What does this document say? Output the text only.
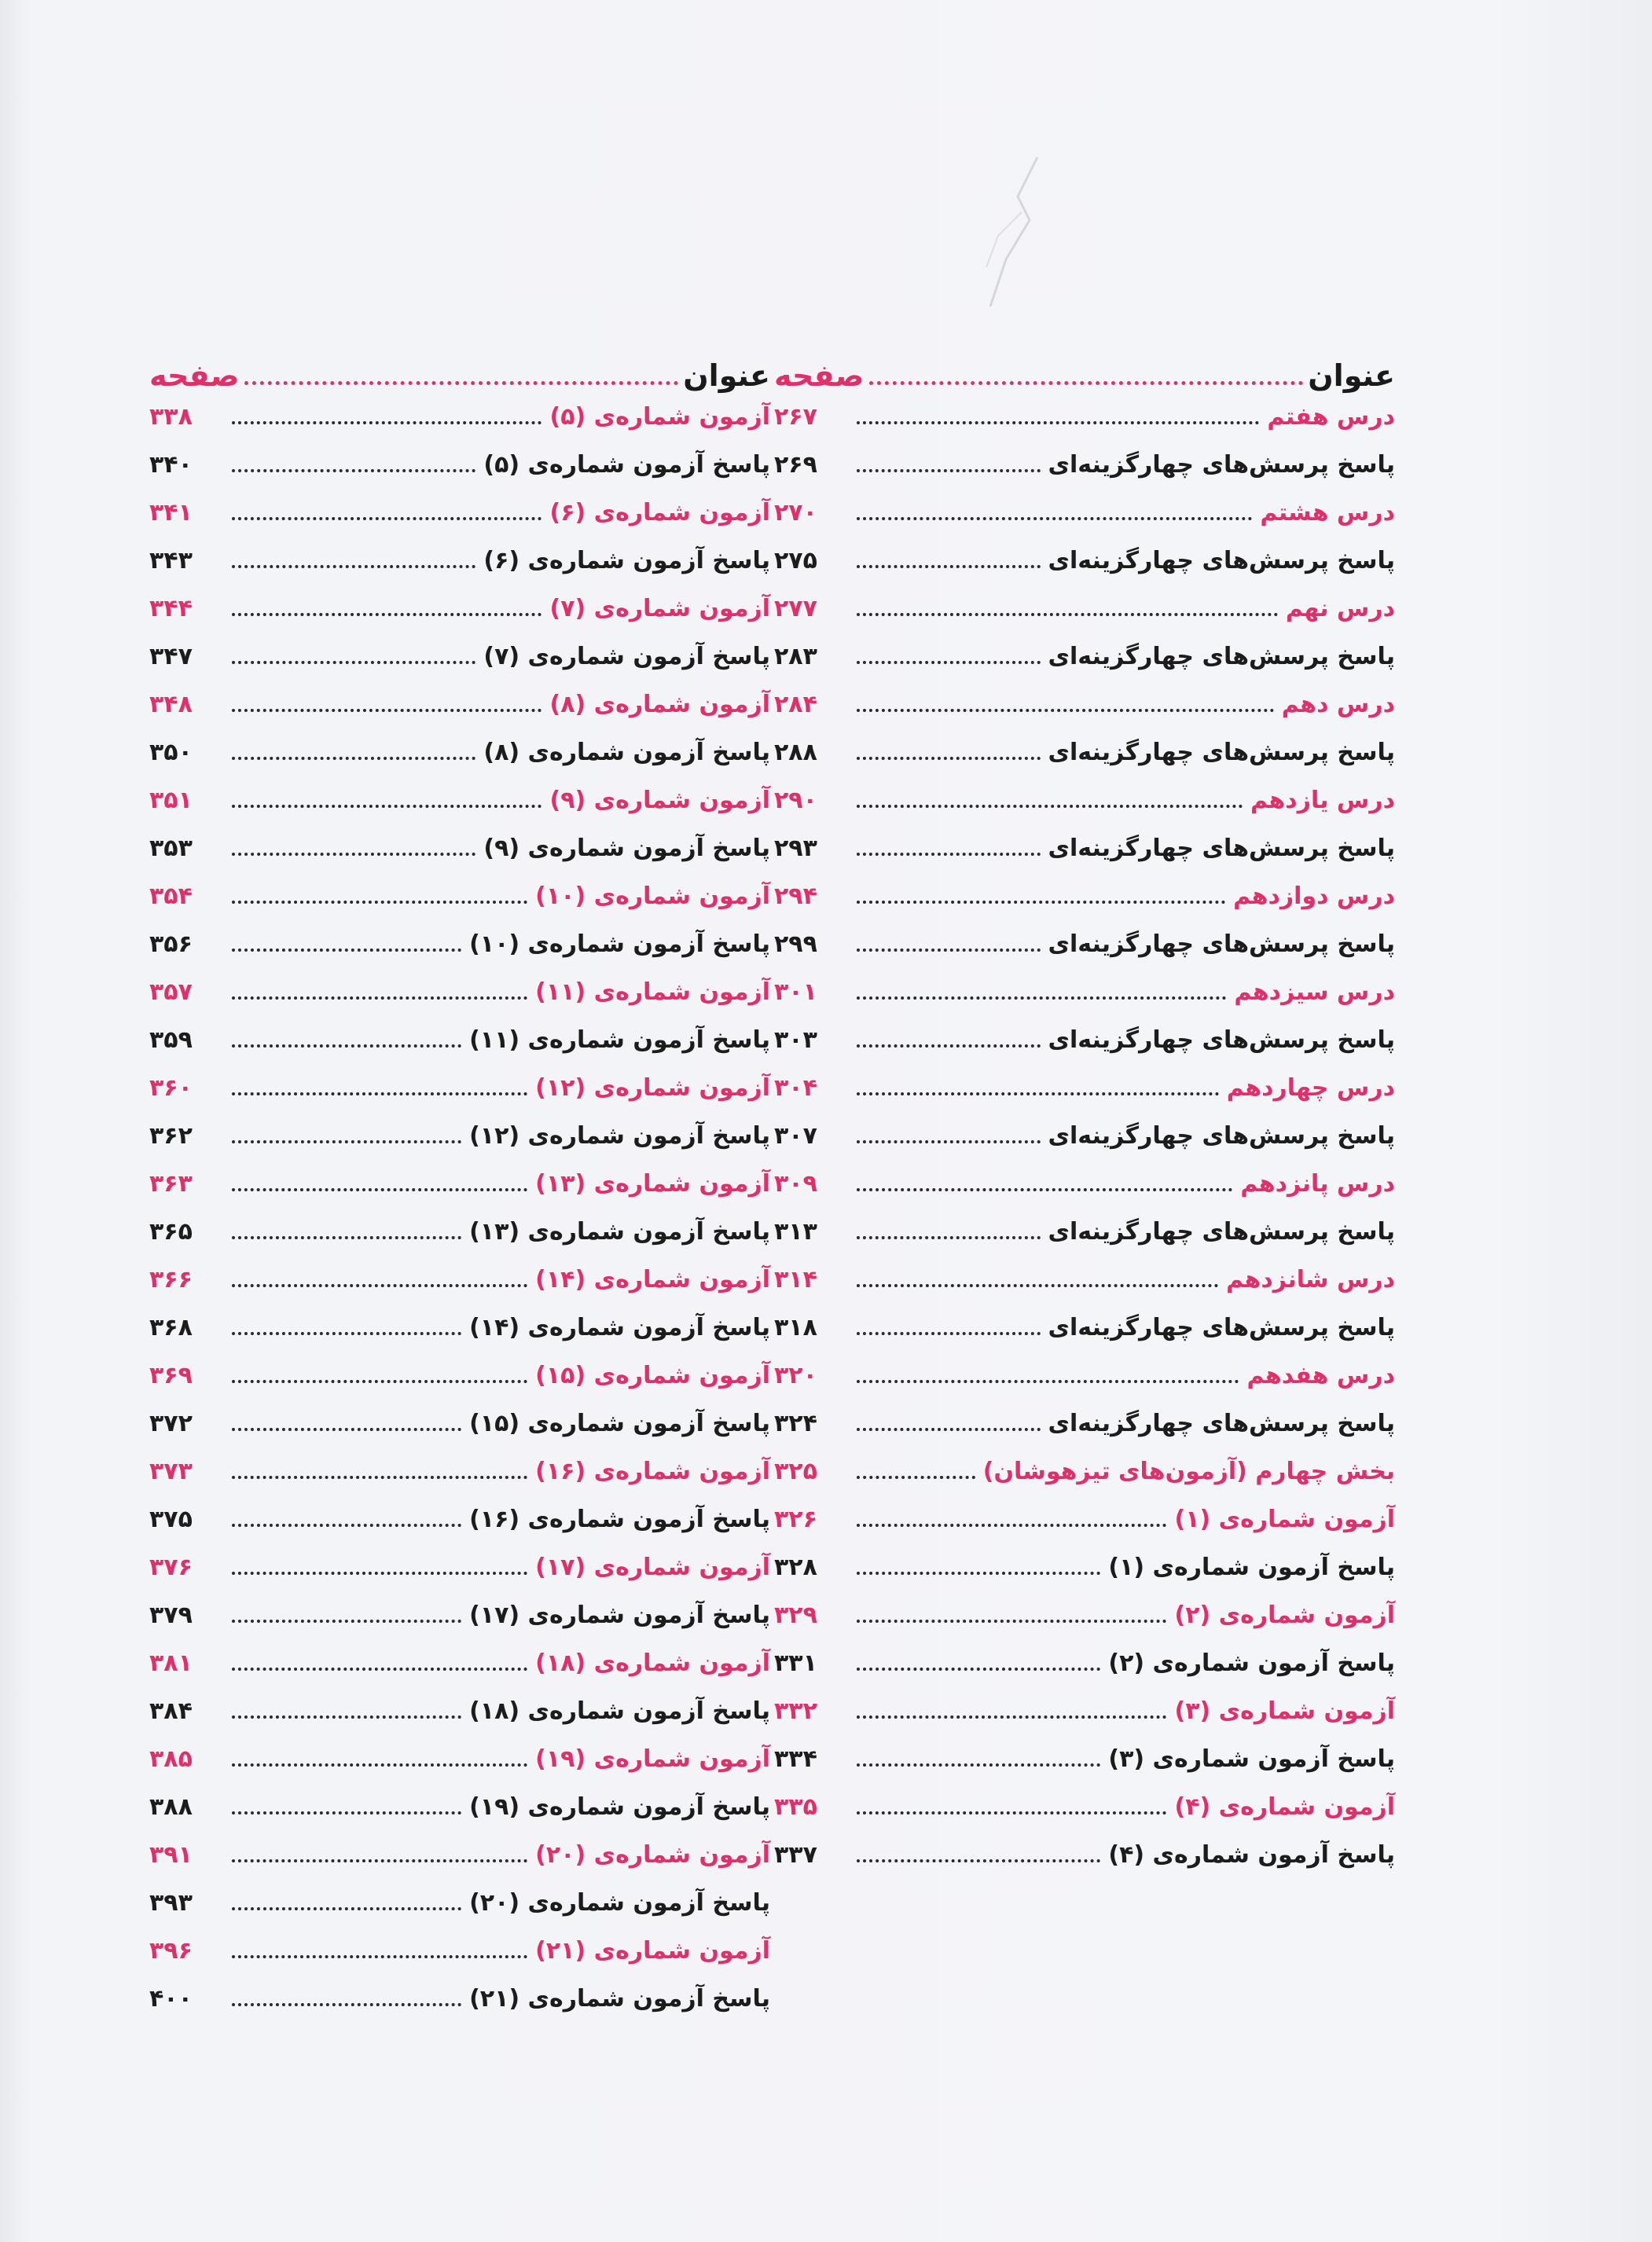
عنوان
صفحه
درس هفتم
۲۶۷
پاسخ پرسش‌های چهارگزینه‌ای
۲۶۹
درس هشتم
۲۷۰
پاسخ پرسش‌های چهارگزینه‌ای
۲۷۵
درس نهم
۲۷۷
پاسخ پرسش‌های چهارگزینه‌ای
۲۸۳
درس دهم
۲۸۴
پاسخ پرسش‌های چهارگزینه‌ای
۲۸۸
درس یازدهم
۲۹۰
پاسخ پرسش‌های چهارگزینه‌ای
۲۹۳
درس دوازدهم
۲۹۴
پاسخ پرسش‌های چهارگزینه‌ای
۲۹۹
درس سیزدهم
۳۰۱
پاسخ پرسش‌های چهارگزینه‌ای
۳۰۳
درس چهاردهم
۳۰۴
پاسخ پرسش‌های چهارگزینه‌ای
۳۰۷
درس پانزدهم
۳۰۹
پاسخ پرسش‌های چهارگزینه‌ای
۳۱۳
درس شانزدهم
۳۱۴
پاسخ پرسش‌های چهارگزینه‌ای
۳۱۸
درس هفدهم
۳۲۰
پاسخ پرسش‌های چهارگزینه‌ای
۳۲۴
بخش چهارم (آزمون‌های تیزهوشان)
۳۲۵
آزمون شماره‌ی (۱)
۳۲۶
پاسخ آزمون شماره‌ی (۱)
۳۲۸
آزمون شماره‌ی (۲)
۳۲۹
پاسخ آزمون شماره‌ی (۲)
۳۳۱
آزمون شماره‌ی (۳)
۳۳۲
پاسخ آزمون شماره‌ی (۳)
۳۳۴
آزمون شماره‌ی (۴)
۳۳۵
پاسخ آزمون شماره‌ی (۴)
۳۳۷
عنوان
صفحه
آزمون شماره‌ی (۵)
۳۳۸
پاسخ آزمون شماره‌ی (۵)
۳۴۰
آزمون شماره‌ی (۶)
۳۴۱
پاسخ آزمون شماره‌ی (۶)
۳۴۳
آزمون شماره‌ی (۷)
۳۴۴
پاسخ آزمون شماره‌ی (۷)
۳۴۷
آزمون شماره‌ی (۸)
۳۴۸
پاسخ آزمون شماره‌ی (۸)
۳۵۰
آزمون شماره‌ی (۹)
۳۵۱
پاسخ آزمون شماره‌ی (۹)
۳۵۳
آزمون شماره‌ی (۱۰)
۳۵۴
پاسخ آزمون شماره‌ی (۱۰)
۳۵۶
آزمون شماره‌ی (۱۱)
۳۵۷
پاسخ آزمون شماره‌ی (۱۱)
۳۵۹
آزمون شماره‌ی (۱۲)
۳۶۰
پاسخ آزمون شماره‌ی (۱۲)
۳۶۲
آزمون شماره‌ی (۱۳)
۳۶۳
پاسخ آزمون شماره‌ی (۱۳)
۳۶۵
آزمون شماره‌ی (۱۴)
۳۶۶
پاسخ آزمون شماره‌ی (۱۴)
۳۶۸
آزمون شماره‌ی (۱۵)
۳۶۹
پاسخ آزمون شماره‌ی (۱۵)
۳۷۲
آزمون شماره‌ی (۱۶)
۳۷۳
پاسخ آزمون شماره‌ی (۱۶)
۳۷۵
آزمون شماره‌ی (۱۷)
۳۷۶
پاسخ آزمون شماره‌ی (۱۷)
۳۷۹
آزمون شماره‌ی (۱۸)
۳۸۱
پاسخ آزمون شماره‌ی (۱۸)
۳۸۴
آزمون شماره‌ی (۱۹)
۳۸۵
پاسخ آزمون شماره‌ی (۱۹)
۳۸۸
آزمون شماره‌ی (۲۰)
۳۹۱
پاسخ آزمون شماره‌ی (۲۰)
۳۹۳
آزمون شماره‌ی (۲۱)
۳۹۶
پاسخ آزمون شماره‌ی (۲۱)
۴۰۰
